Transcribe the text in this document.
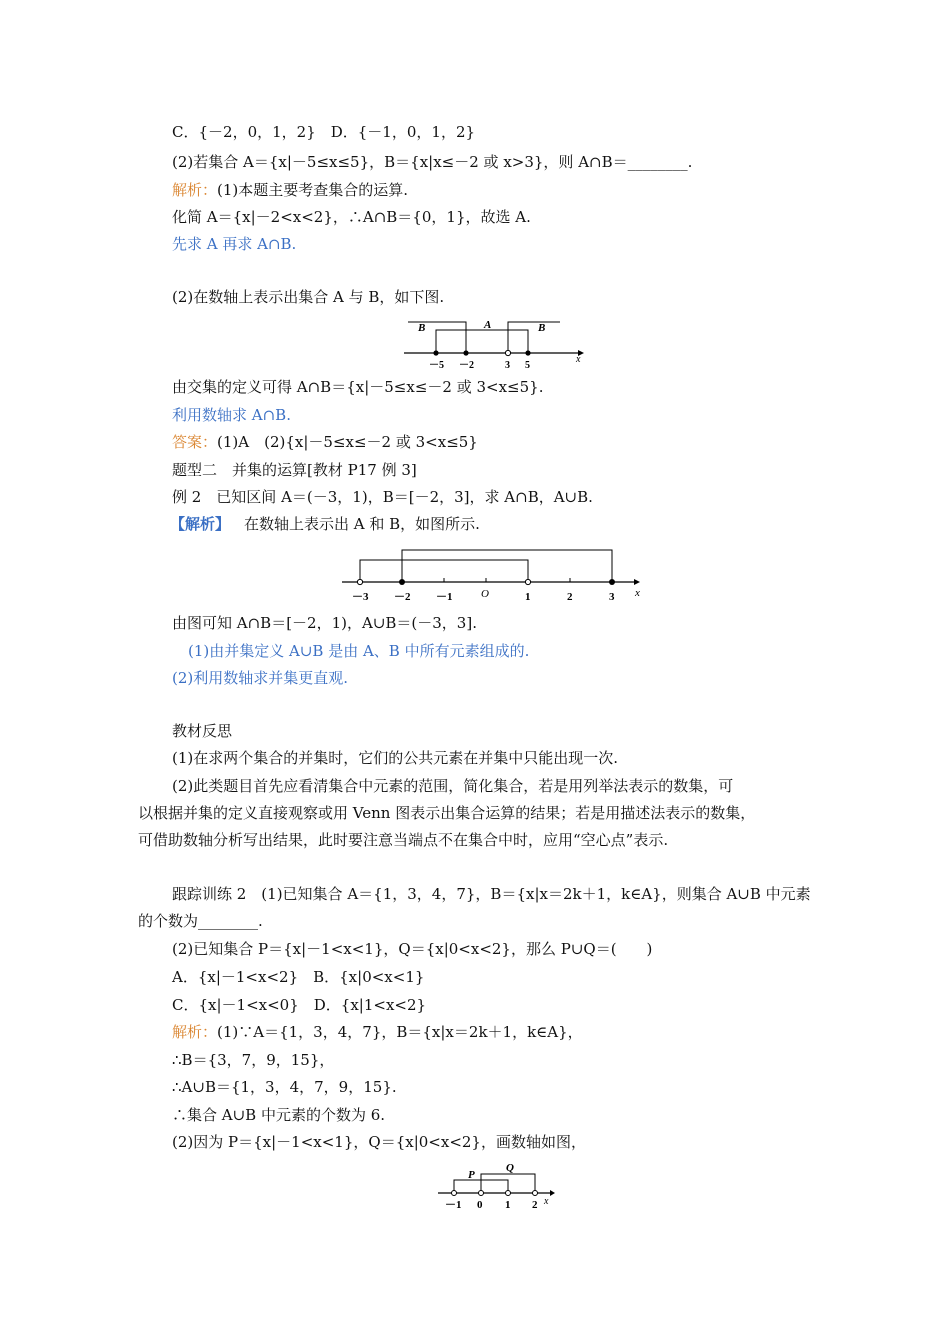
C．{－2，0，1，2}　D．{－1，0，1，2}
(2)若集合 A＝{x|－5≤x≤5}，B＝{x|x≤－2 或 x>3}，则 A∩B＝________.
解析：(1)本题主要考查集合的运算.
化简 A＝{x|－2<x<2}，∴A∩B＝{0，1}，故选 A.
先求 A 再求 A∩B.
(2)在数轴上表示出集合 A 与 B，如下图.
B	A	B
－5 －2	3 5
x
由交集的定义可得 A∩B＝{x|－5≤x≤－2 或 3<x≤5}.
利用数轴求 A∩B.
答案：(1)A　(2){x|－5≤x≤－2 或 3<x≤5}
题型二　并集的运算[教材 P17 例 3]
例 2　已知区间 A＝(－3，1)，B＝[－2，3]，求 A∩B，A∪B.
【解析】 在数轴上表示出 A 和 B，如图所示.
－3 －2 －1	O	1	2	3 x
由图可知 A∩B＝[－2，1)，A∪B＝(－3，3].
(1)由并集定义 A∪B 是由 A、B 中所有元素组成的.
(2)利用数轴求并集更直观.
教材反思
(1)在求两个集合的并集时，它们的公共元素在并集中只能出现一次.
(2)此类题目首先应看清集合中元素的范围，简化集合，若是用列举法表示的数集，可
以根据并集的定义直接观察或用 Venn 图表示出集合运算的结果；若是用描述法表示的数集，
可借助数轴分析写出结果，此时要注意当端点不在集合中时，应用“空心点”表示.
跟踪训练 2　(1)已知集合 A＝{1，3，4，7}，B＝{x|x＝2k＋1，k∈A}，则集合 A∪B 中元素
的个数为________.
(2)已知集合 P＝{x|－1<x<1}，Q＝{x|0<x<2}，那么 P∪Q＝(　　)
A．{x|－1<x<2}　B．{x|0<x<1}
C．{x|－1<x<0}　D．{x|1<x<2}
解析：(1)∵A＝{1，3，4，7}，B＝{x|x＝2k＋1，k∈A}，
∴B＝{3，7，9，15}，
∴A∪B＝{1，3，4，7，9，15}.
∴集合 A∪B 中元素的个数为 6.
(2)因为 P＝{x|－1<x<1}，Q＝{x|0<x<2}，画数轴如图，
P
Q
－1 0 1 2 x
